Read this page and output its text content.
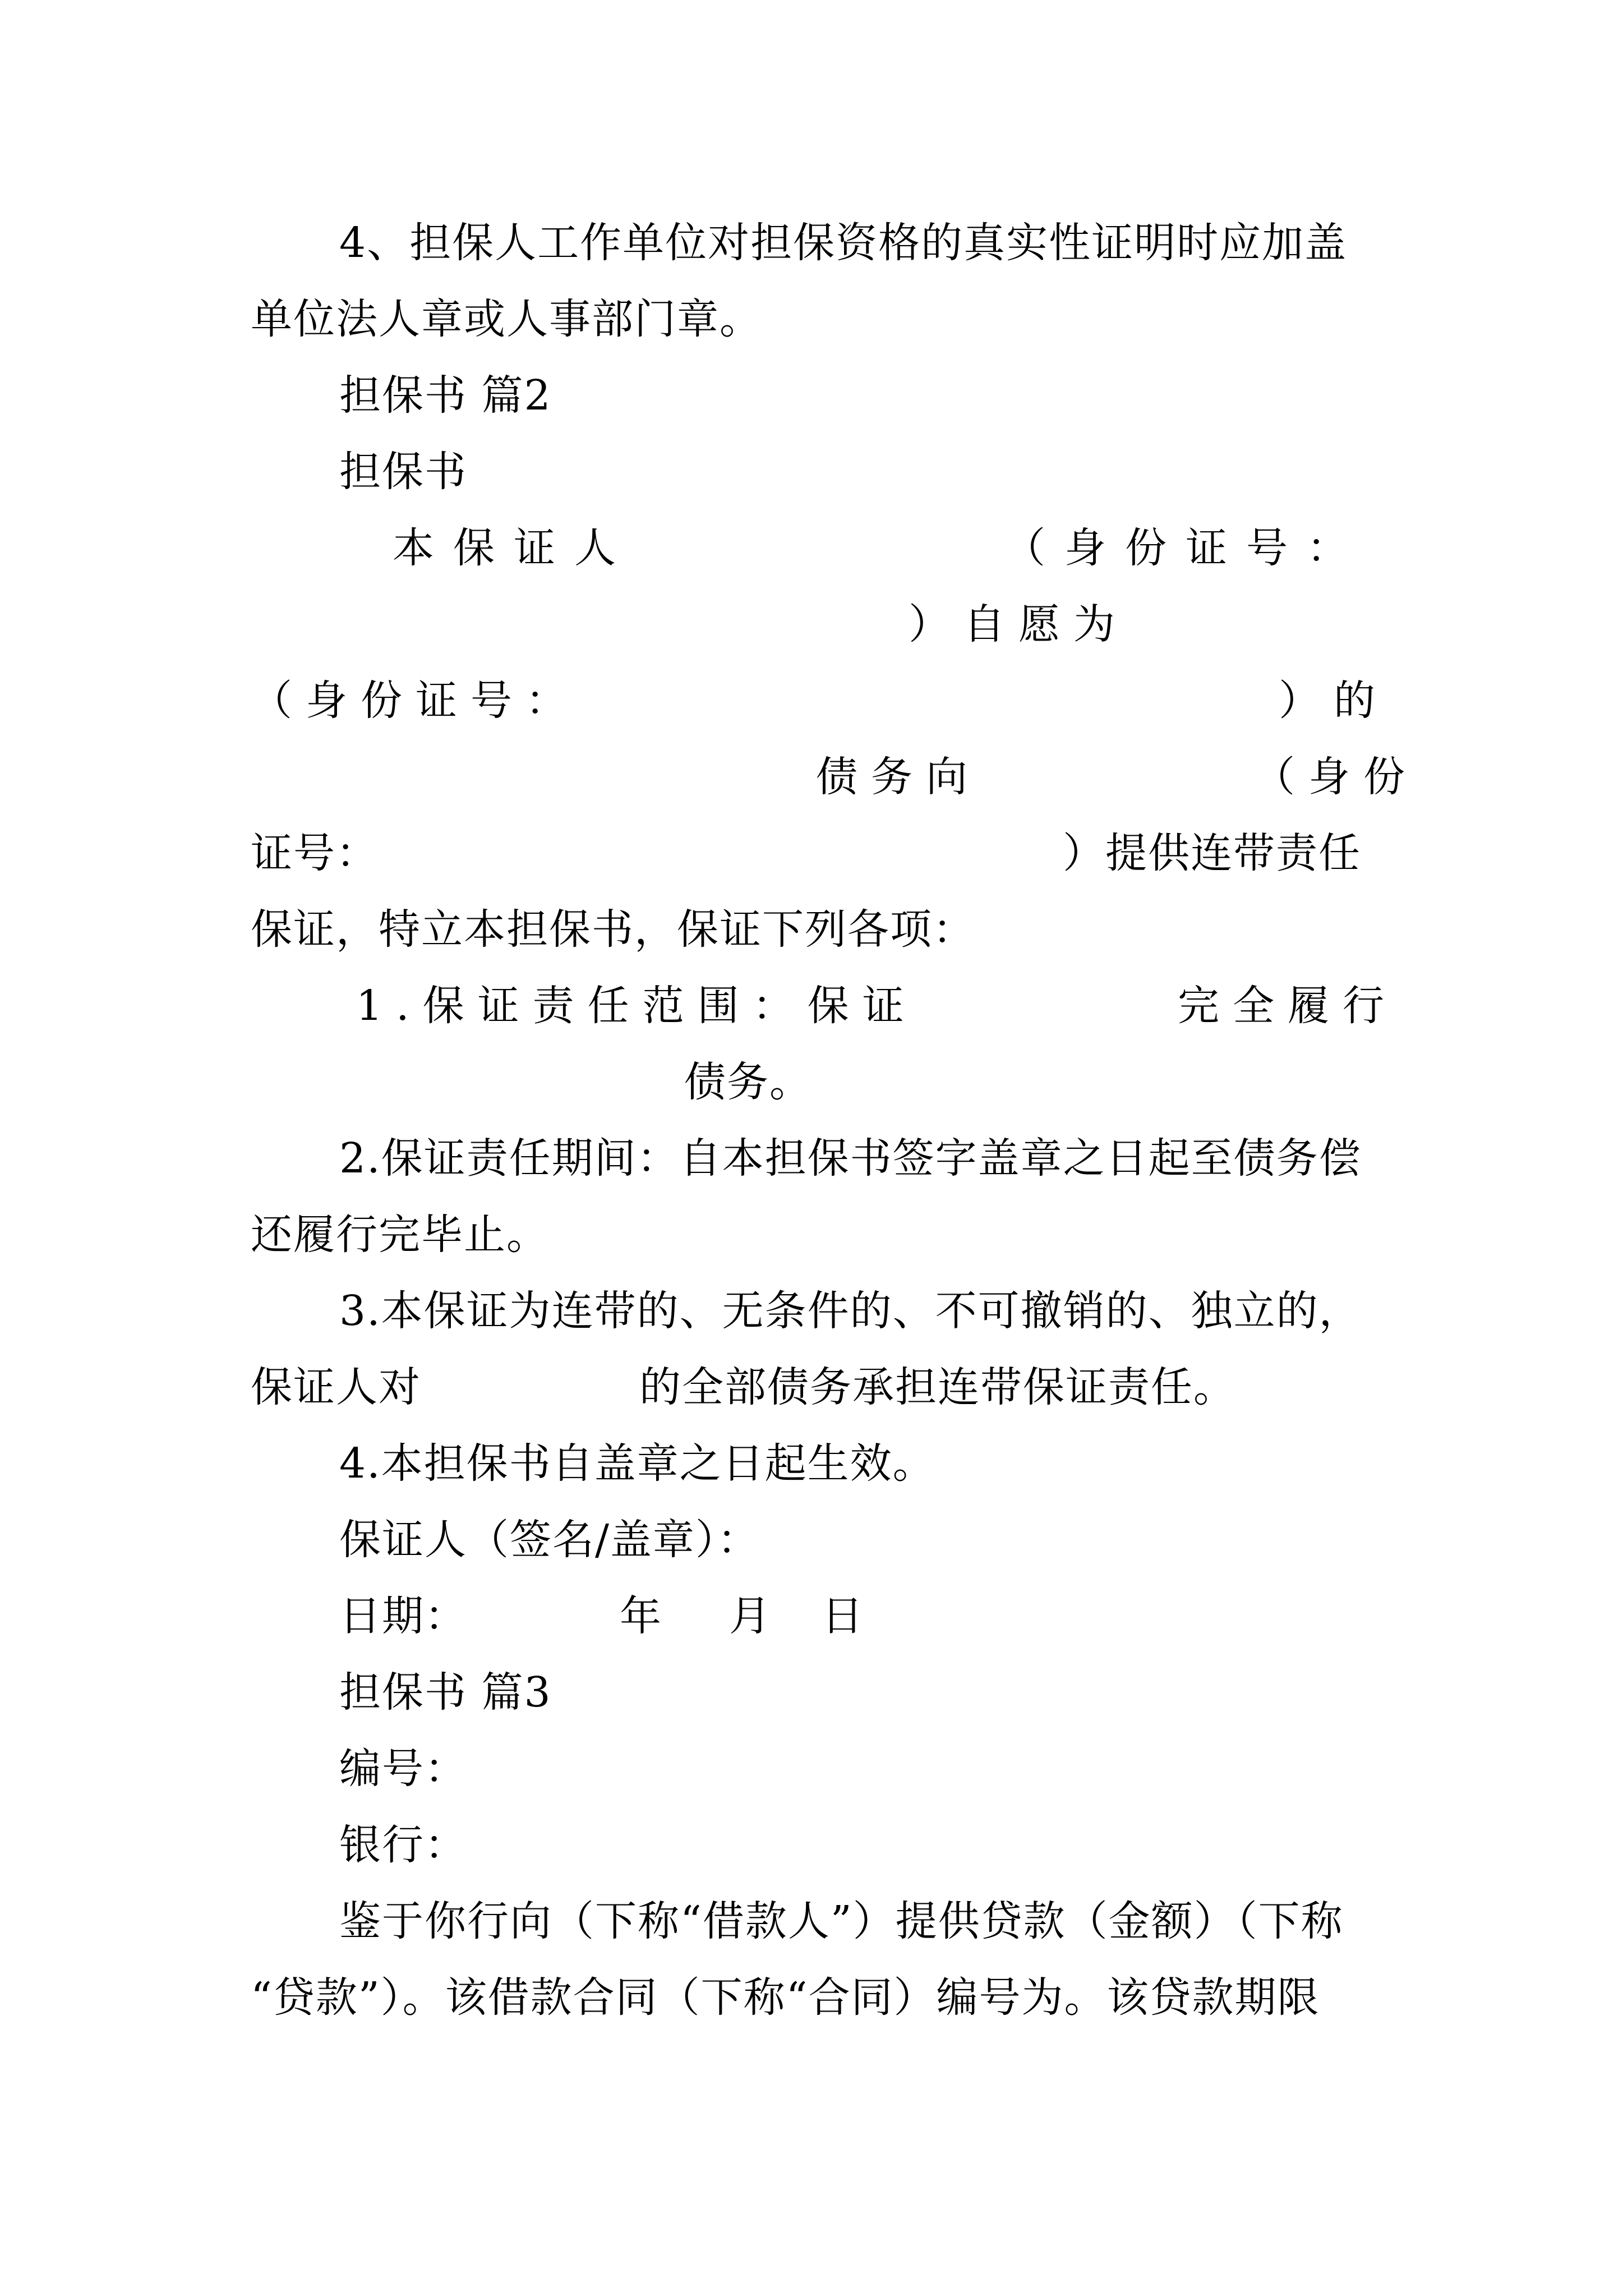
4、担保人工作单位对担保资格的真实性证明时应加盖
单位法人章或人事部门章。
担保书 篇2
担保书
本保证人	（身份证号：
）自愿为
（身份证号：	）的
债务向	（身份
证号：	）提供连带责任
保证，特立本担保书，保证下列各项：
1.保证责任范围：保证	完全履行
债务。
2.保证责任期间：自本担保书签字盖章之日起至债务偿
还履行完毕止。
3.本保证为连带的、无条件的、不可撤销的、独立的，
保证人对	的全部债务承担连带保证责任。
4.本担保书自盖章之日起生效。
保证人（签名/盖章）：
日期：	年 月 日
担保书 篇3
编号：
银行：
鉴于你行向（下称“借款人”）提供贷款（金额）（下称
“贷款”）。该借款合同（下称“合同）编号为。该贷款期限
